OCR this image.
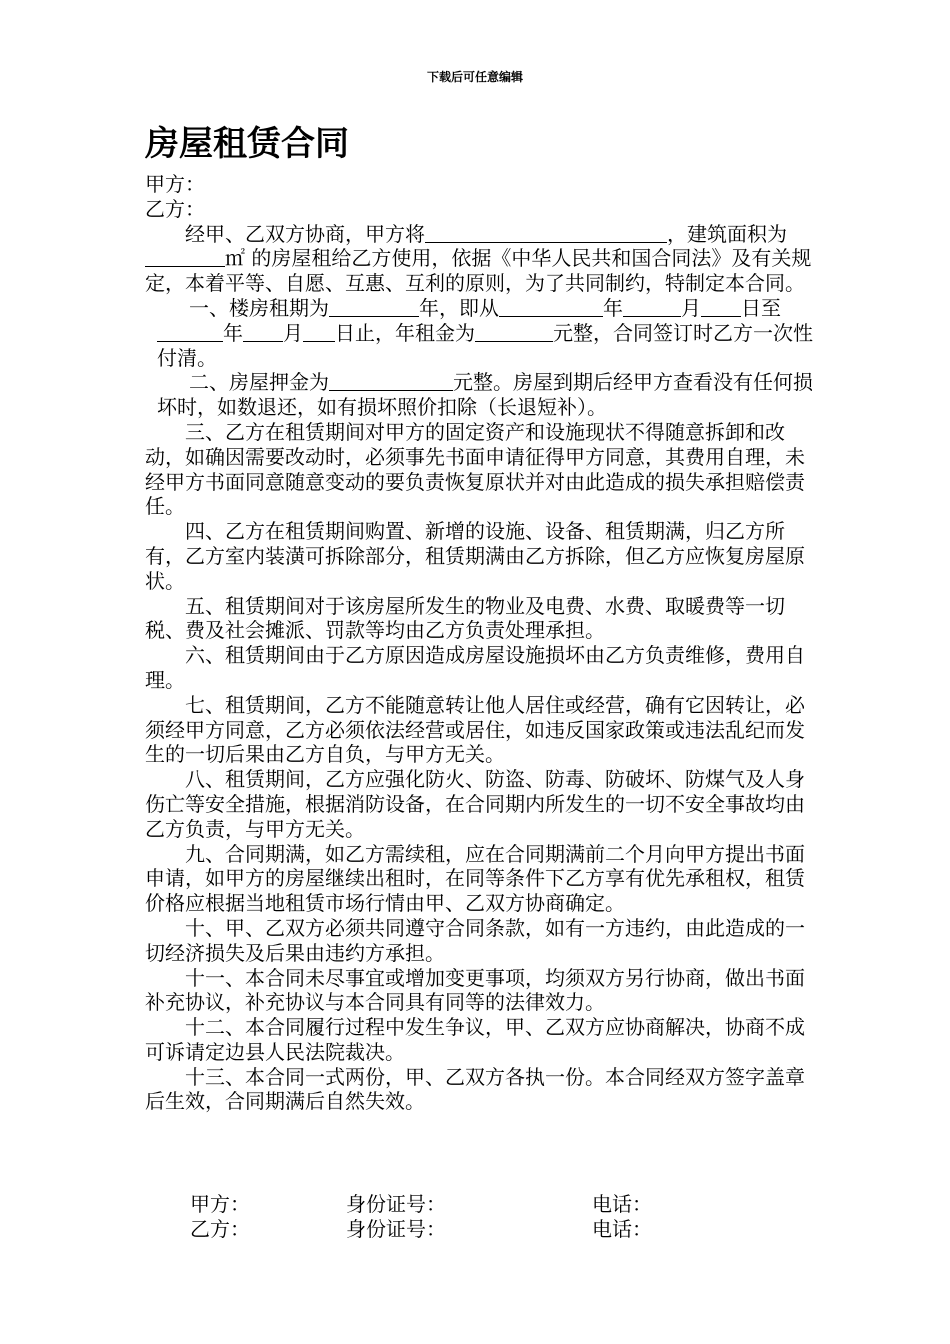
下载后可任意编辑
房屋租赁合同

甲方：

乙方：

经甲、乙双方协商，甲方将	，建筑面积为 ㎡ 的房屋租给乙方使用，依据《中华人民共和国合同法》及有关规定，本着平等、自愿、互惠、互利的原则，为了共同制约，特制定本合同。

一、楼房租期为	年，即从	年	月 日至年 月 日止，年租金为	元整，合同签订时乙方一次性付清。

二、房屋押金为	元整。房屋到期后经甲方查看没有任何损坏时，如数退还，如有损坏照价扣除（长退短补）。

三、乙方在租赁期间对甲方的固定资产和设施现状不得随意拆卸和改动，如确因需要改动时，必须事先书面申请征得甲方同意，其费用自理，未经甲方书面同意随意变动的要负责恢复原状并对由此造成的损失承担赔偿责任。

四、乙方在租赁期间购置、新增的设施、设备、租赁期满，归乙方所有，乙方室内装潢可拆除部分，租赁期满由乙方拆除，但乙方应恢复房屋原状。

五、租赁期间对于该房屋所发生的物业及电费、水费、取暖费等一切税、费及社会摊派、罚款等均由乙方负责处理承担。

六、租赁期间由于乙方原因造成房屋设施损坏由乙方负责维修，费用自理。

七、租赁期间，乙方不能随意转让他人居住或经营，确有它因转让，必须经甲方同意，乙方必须依法经营或居住，如违反国家政策或违法乱纪而发生的一切后果由乙方自负，与甲方无关。

八、租赁期间，乙方应强化防火、防盗、防毒、防破坏、防煤气及人身伤亡等安全措施，根据消防设备，在合同期内所发生的一切不安全事故均由乙方负责，与甲方无关。

九、合同期满，如乙方需续租，应在合同期满前二个月向甲方提出书面申请，如甲方的房屋继续出租时，在同等条件下乙方享有优先承租权，租赁价格应根据当地租赁市场行情由甲、乙双方协商确定。

十、甲、乙双方必须共同遵守合同条款，如有一方违约，由此造成的一切经济损失及后果由违约方承担。

十一、本合同未尽事宜或增加变更事项，均须双方另行协商，做出书面补充协议，补充协议与本合同具有同等的法律效力。

十二、本合同履行过程中发生争议，甲、乙双方应协商解决，协商不成可诉请定边县人民法院裁决。

十三、本合同一式两份，甲、乙双方各执一份。本合同经双方签字盖章后生效，合同期满后自然失效。

甲方：	身份证号：	电话：
乙方：	身份证号：	电话：
